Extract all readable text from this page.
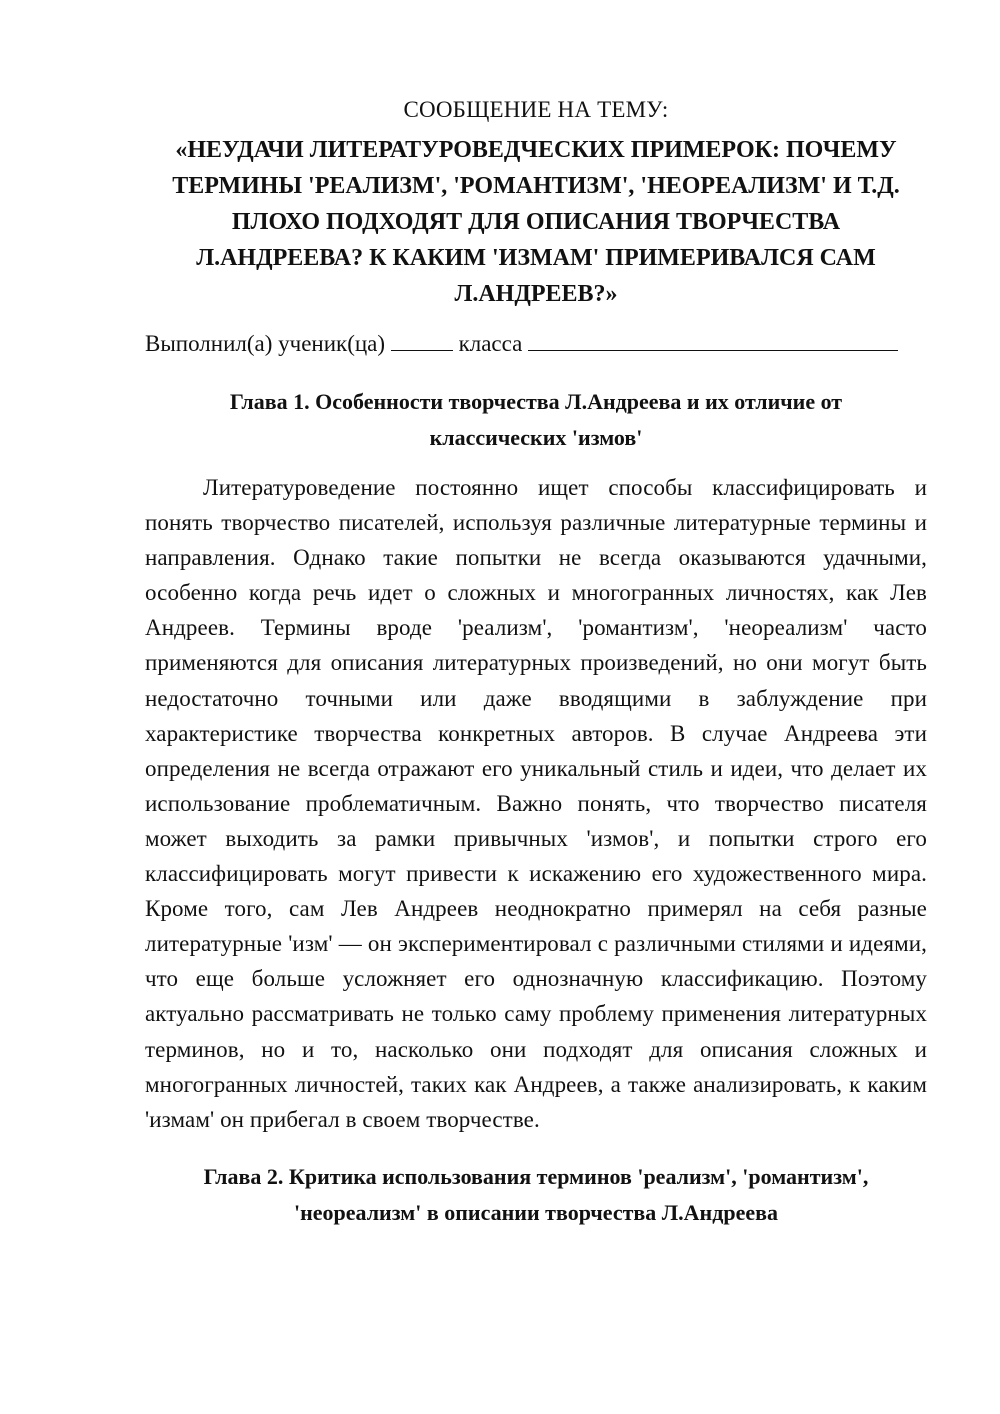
СООБЩЕНИЕ НА ТЕМУ:
«НЕУДАЧИ ЛИТЕРАТУРОВЕДЧЕСКИХ ПРИМЕРОК: ПОЧЕМУ ТЕРМИНЫ 'РЕАЛИЗМ', 'РОМАНТИЗМ', 'НЕОРЕАЛИЗМ' И Т.Д. ПЛОХО ПОДХОДЯТ ДЛЯ ОПИСАНИЯ ТВОРЧЕСТВА Л.АНДРЕЕВА? К КАКИМ 'ИЗМАМ' ПРИМЕРИВАЛСЯ САМ Л.АНДРЕЕВ?»
Выполнил(а) ученик(ца)	класса
Глава 1. Особенности творчества Л.Андреева и их отличие от классических 'измов'

Литературоведение постоянно ищет способы классифицировать и понять творчество писателей, используя различные литературные термины и направления. Однако такие попытки не всегда оказываются удачными, особенно когда речь идет о сложных и многогранных личностях, как Лев Андреев. Термины вроде 'реализм', 'романтизм', 'неореализм' часто применяются для описания литературных произведений, но они могут быть недостаточно точными или даже вводящими в заблуждение при характеристике творчества конкретных авторов. В случае Андреева эти определения не всегда отражают его уникальный стиль и идеи, что делает их использование проблематичным. Важно понять, что творчество писателя может выходить за рамки привычных 'измов', и попытки строго его классифицировать могут привести к искажению его художественного мира. Кроме того, сам Лев Андреев неоднократно примерял на себя разные литературные 'изм' — он экспериментировал с различными стилями и идеями, что еще больше усложняет его однозначную классификацию. Поэтому актуально рассматривать не только саму проблему применения литературных терминов, но и то, насколько они подходят для описания сложных и многогранных личностей, таких как Андреев, а также анализировать, к каким 'измам' он прибегал в своем творчестве.

Глава 2. Критика использования терминов 'реализм', 'романтизм', 'неореализм' в описании творчества Л.Андреева
